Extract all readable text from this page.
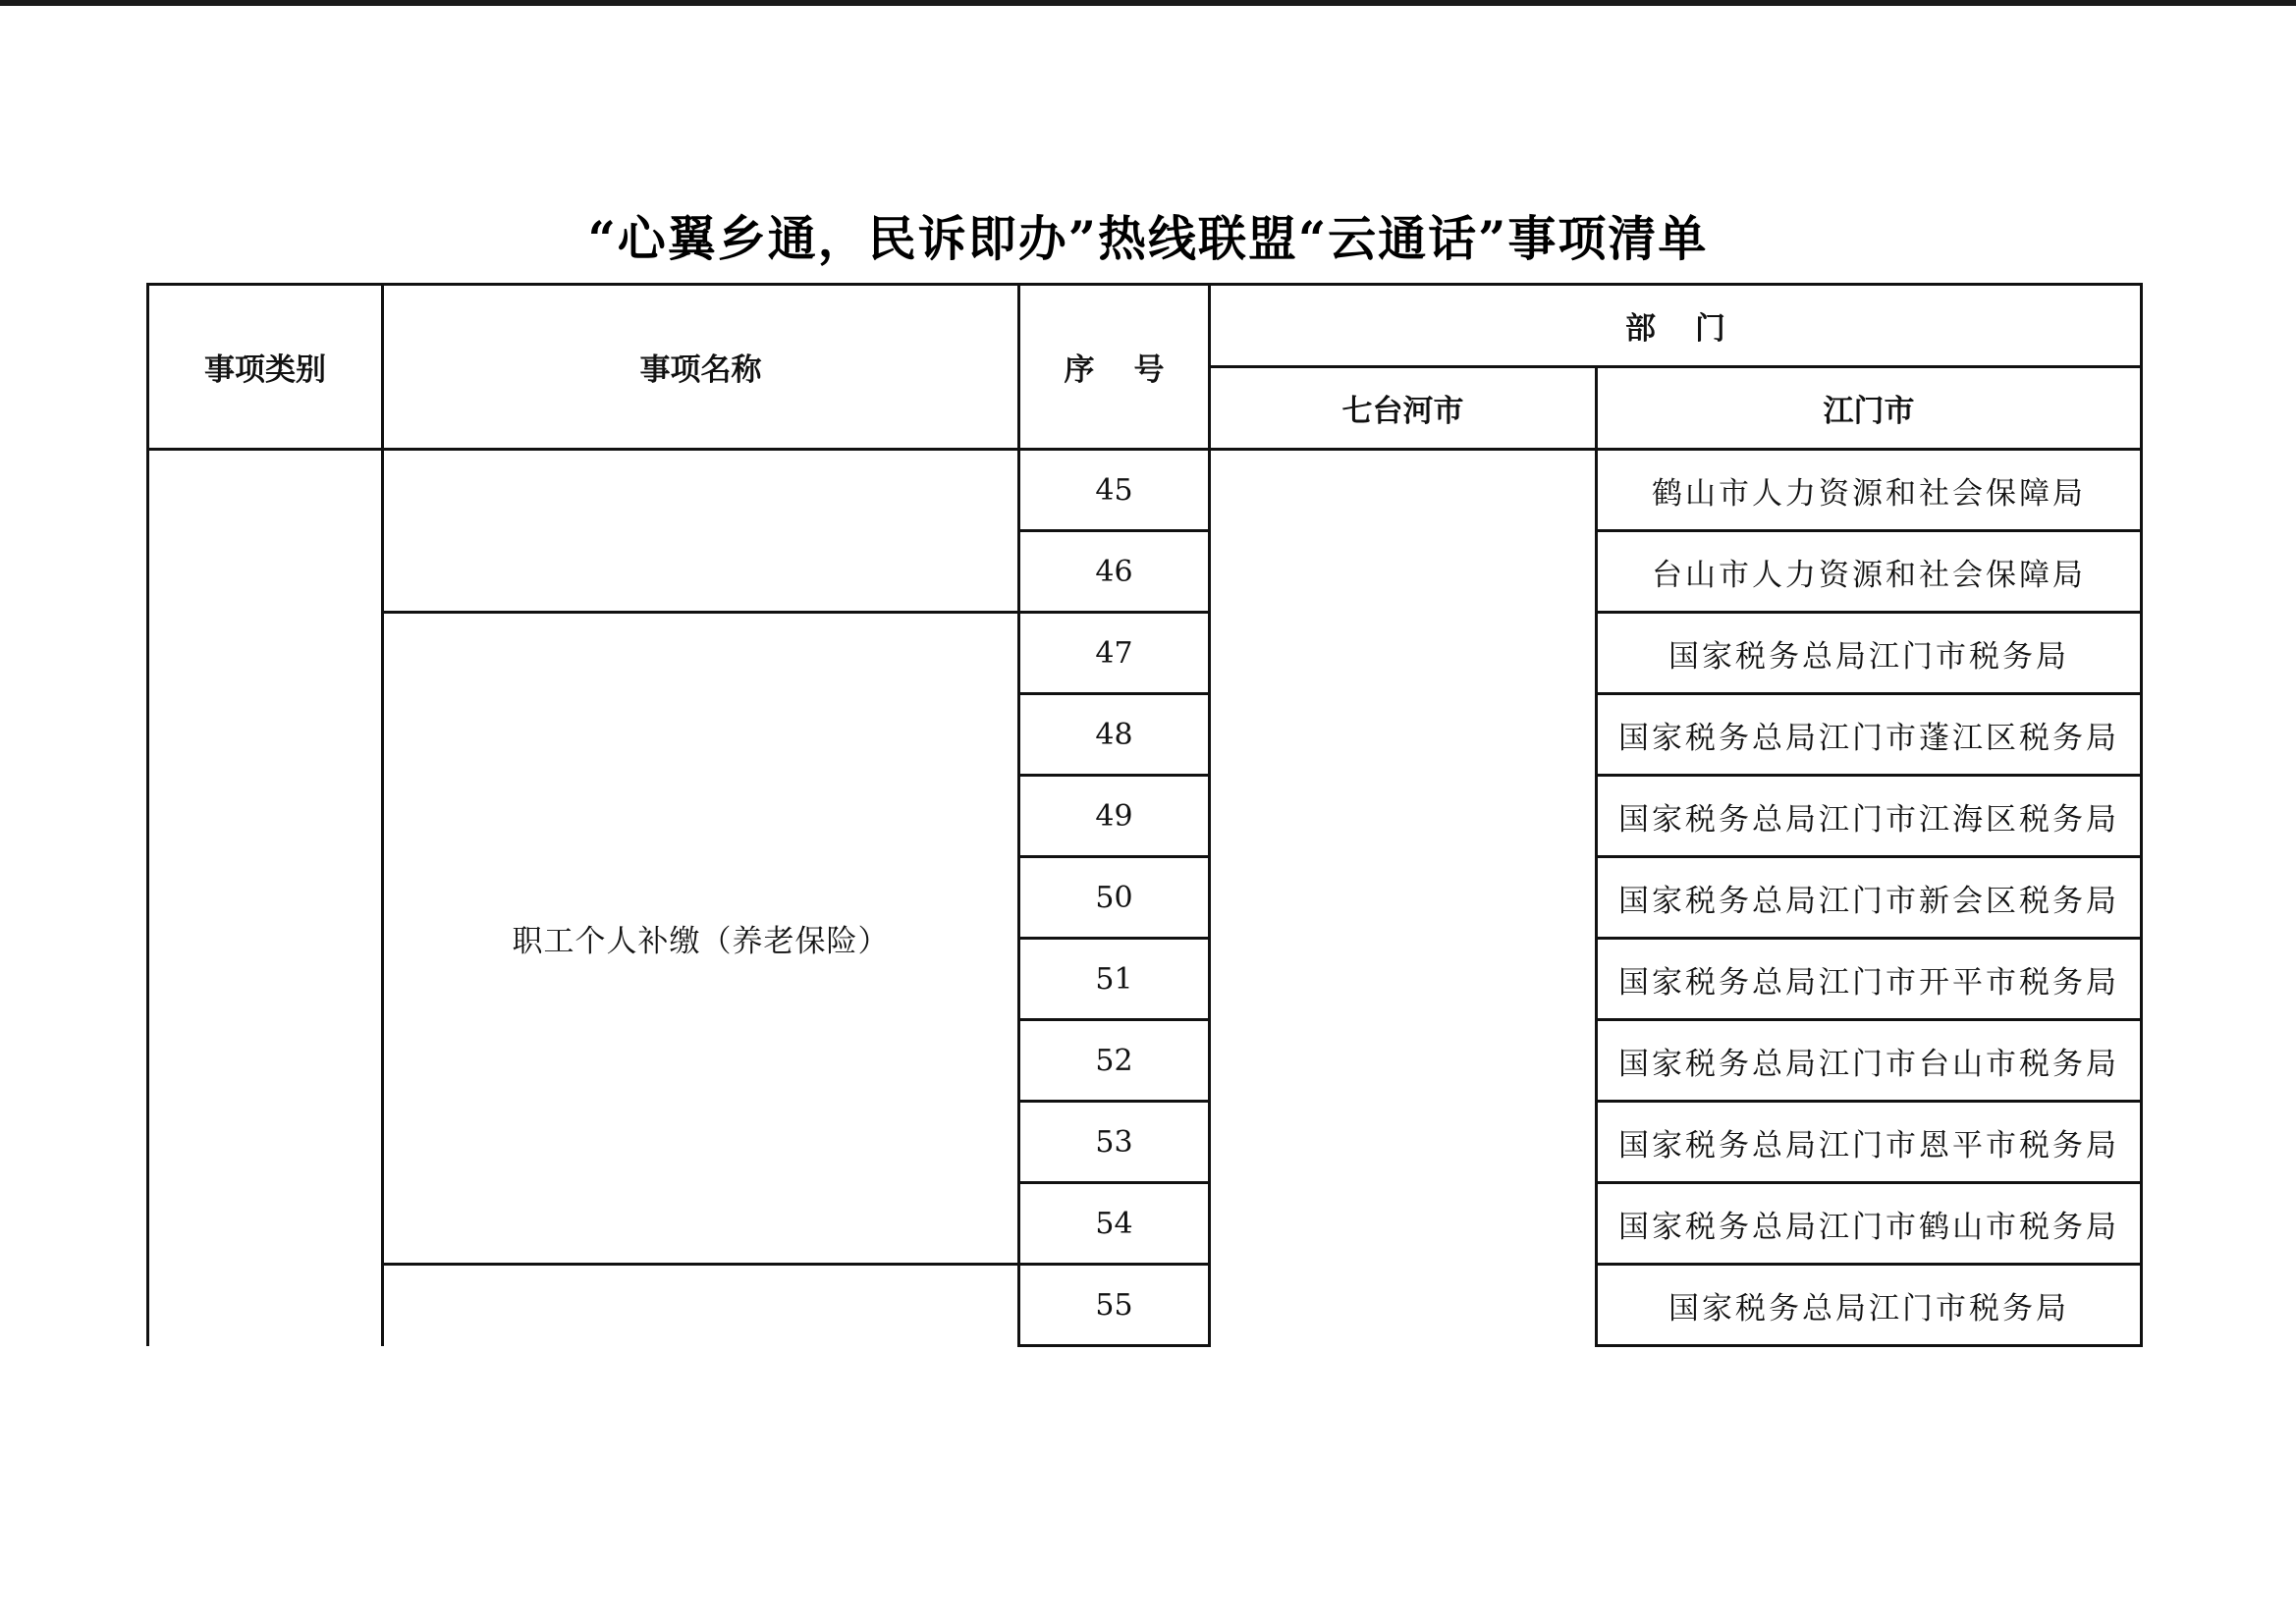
“心翼乡通，民诉即办”热线联盟“云通话”事项清单
事项类别	事项名称	序号	部门	
			七台河市	江门市
		45		鹤山市人力资源和社会保障局
		46		台山市人力资源和社会保障局
	职工个人补缴（养老保险）	47		国家税务总局江门市税务局
		48		国家税务总局江门市蓬江区税务局
		49		国家税务总局江门市江海区税务局
		50		国家税务总局江门市新会区税务局
		51		国家税务总局江门市开平市税务局
		52		国家税务总局江门市台山市税务局
		53		国家税务总局江门市恩平市税务局
		54		国家税务总局江门市鹤山市税务局
		55		国家税务总局江门市税务局
